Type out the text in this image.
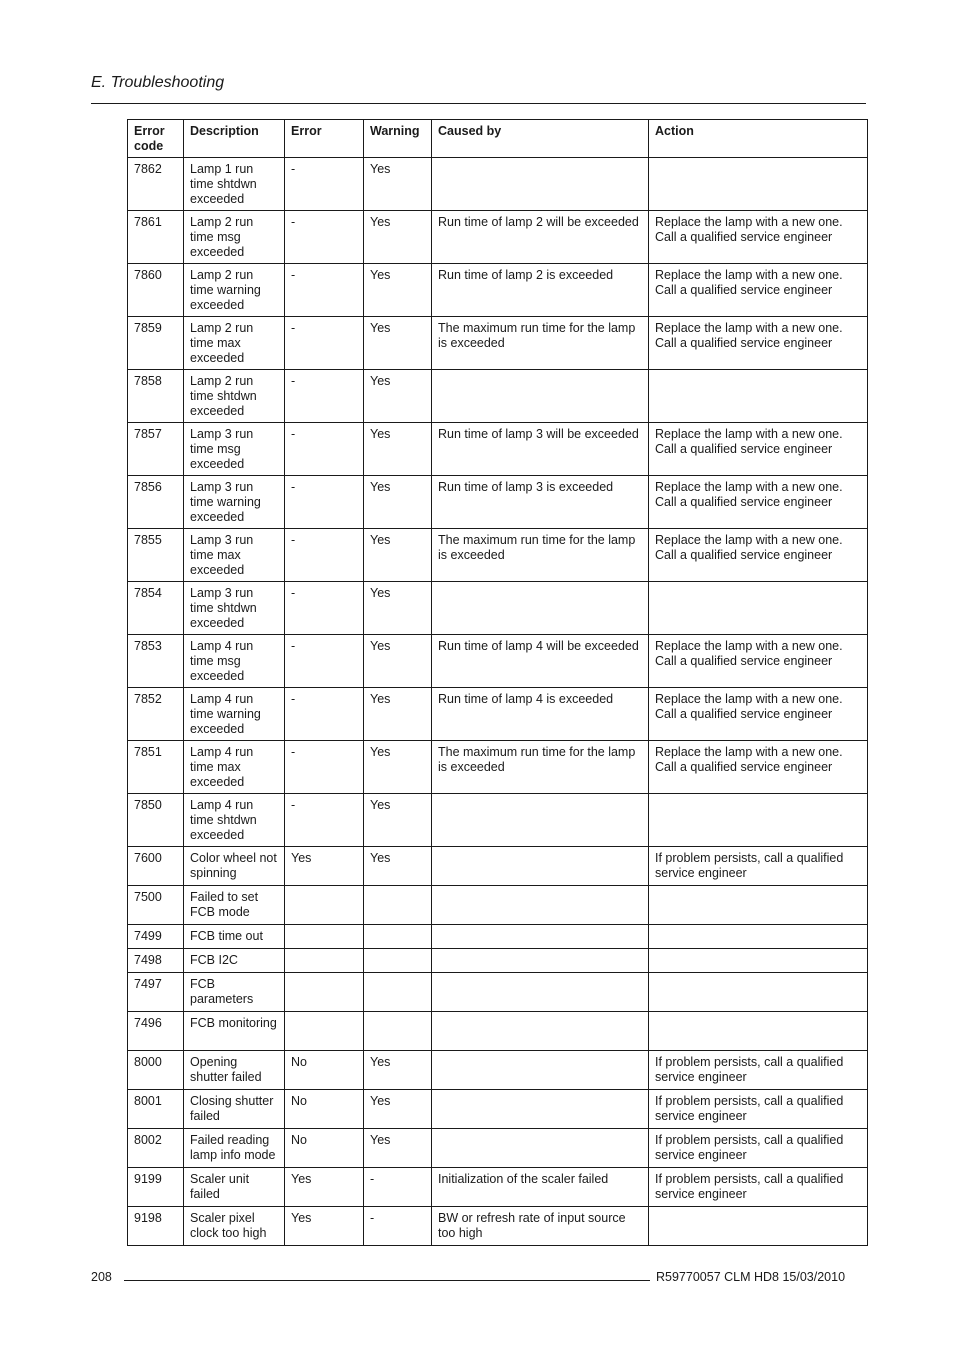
E. Troubleshooting
Error code	Description	Error	Warning	Caused by	Action
7862	Lamp 1 run time shtdwn exceeded	-	Yes		
7861	Lamp 2 run time msg exceeded	-	Yes	Run time of lamp 2 will be exceeded	Replace the lamp with a new one. Call a qualified service engineer
7860	Lamp 2 run time warning exceeded	-	Yes	Run time of lamp 2 is exceeded	Replace the lamp with a new one. Call a qualified service engineer
7859	Lamp 2 run time max exceeded	-	Yes	The maximum run time for the lamp is exceeded	Replace the lamp with a new one. Call a qualified service engineer
7858	Lamp 2 run time shtdwn exceeded	-	Yes		
7857	Lamp 3 run time msg exceeded	-	Yes	Run time of lamp 3 will be exceeded	Replace the lamp with a new one. Call a qualified service engineer
7856	Lamp 3 run time warning exceeded	-	Yes	Run time of lamp 3 is exceeded	Replace the lamp with a new one. Call a qualified service engineer
7855	Lamp 3 run time max exceeded	-	Yes	The maximum run time for the lamp is exceeded	Replace the lamp with a new one. Call a qualified service engineer
7854	Lamp 3 run time shtdwn exceeded	-	Yes		
7853	Lamp 4 run time msg exceeded	-	Yes	Run time of lamp 4 will be exceeded	Replace the lamp with a new one. Call a qualified service engineer
7852	Lamp 4 run time warning exceeded	-	Yes	Run time of lamp 4 is exceeded	Replace the lamp with a new one. Call a qualified service engineer
7851	Lamp 4 run time max exceeded	-	Yes	The maximum run time for the lamp is exceeded	Replace the lamp with a new one. Call a qualified service engineer
7850	Lamp 4 run time shtdwn exceeded	-	Yes		
7600	Color wheel not spinning	Yes	Yes		If problem persists, call a qualified service engineer
7500	Failed to set FCB mode				
7499	FCB time out				
7498	FCB I2C				
7497	FCB parameters				
7496	FCB monitoring				
8000	Opening shutter failed	No	Yes		If problem persists, call a qualified service engineer
8001	Closing shutter failed	No	Yes		If problem persists, call a qualified service engineer
8002	Failed reading lamp info mode	No	Yes		If problem persists, call a qualified service engineer
9199	Scaler unit failed	Yes	-	Initialization of the scaler failed	If problem persists, call a qualified service engineer
9198	Scaler pixel clock too high	Yes	-	BW or refresh rate of input source too high	
208	R59770057 CLM HD8 15/03/2010
